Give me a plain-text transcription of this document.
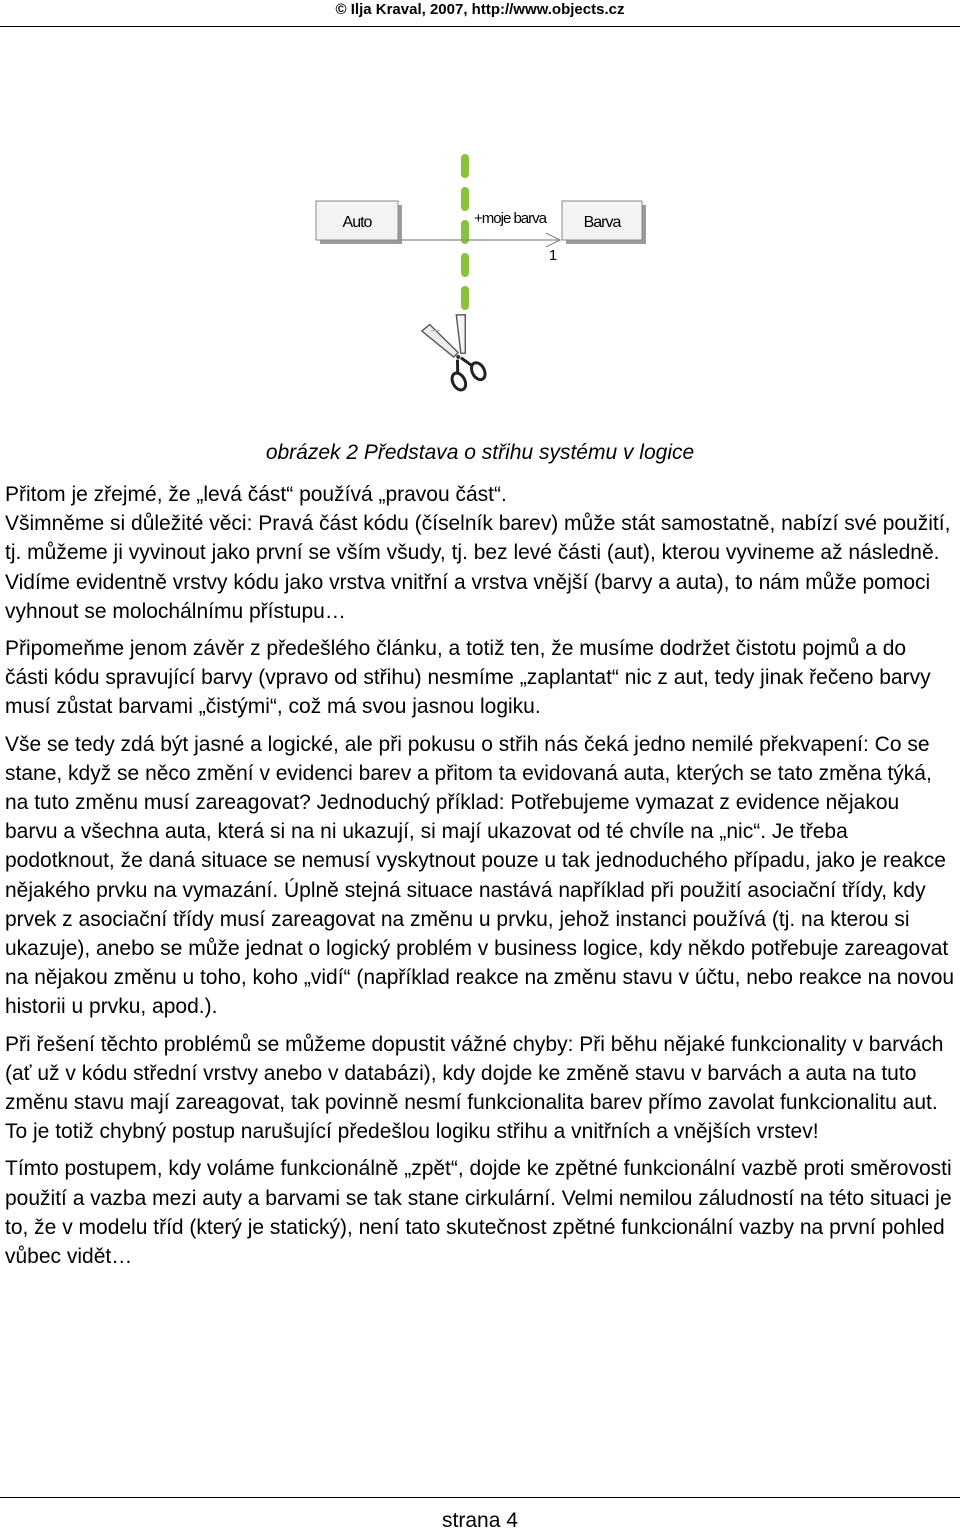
© Ilja Kraval, 2007, http://www.objects.cz
Auto	Barva
+moje barva
1
obrázek 2 Představa o střihu systému v logice

Přitom je zřejmé, že „levá část“ používá „pravou část“.

Všimněme si důležité věci: Pravá část kódu (číselník barev) může stát samostatně, nabízí své použití, tj. můžeme ji vyvinout jako první se vším všudy, tj. bez levé části (aut), kterou vyvineme až následně. Vidíme evidentně vrstvy kódu jako vrstva vnitřní a vrstva vnější (barvy a auta), to nám může pomoci vyhnout se molochálnímu přístupu…

Připomeňme jenom závěr z předešlého článku, a totiž ten, že musíme dodržet čistotu pojmů a do části kódu spravující barvy (vpravo od střihu) nesmíme „zaplantat“ nic z aut, tedy jinak řečeno barvy musí zůstat barvami „čistými“, což má svou jasnou logiku.

Vše se tedy zdá být jasné a logické, ale při pokusu o střih nás čeká jedno nemilé překvapení: Co se stane, když se něco změní v evidenci barev a přitom ta evidovaná auta, kterých se tato změna týká, na tuto změnu musí zareagovat? Jednoduchý příklad: Potřebujeme vymazat z evidence nějakou barvu a všechna auta, která si na ni ukazují, si mají ukazovat od té chvíle na „nic“. Je třeba podotknout, že daná situace se nemusí vyskytnout pouze u tak jednoduchého případu, jako je reakce nějakého prvku na vymazání. Úplně stejná situace nastává například při použití asociační třídy, kdy prvek z asociační třídy musí zareagovat na změnu u prvku, jehož instanci používá (tj. na kterou si ukazuje), anebo se může jednat o logický problém v business logice, kdy někdo potřebuje zareagovat na nějakou změnu u toho, koho „vidí“ (například reakce na změnu stavu v účtu, nebo reakce na novou historii u prvku, apod.).

Při řešení těchto problémů se můžeme dopustit vážné chyby: Při běhu nějaké funkcionality v barvách (ať už v kódu střední vrstvy anebo v databázi), kdy dojde ke změně stavu v barvách a auta na tuto změnu stavu mají zareagovat, tak povinně nesmí funkcionalita barev přímo zavolat funkcionalitu aut. To je totiž chybný postup narušující předešlou logiku střihu a vnitřních a vnějších vrstev!

Tímto postupem, kdy voláme funkcionálně „zpět“, dojde ke zpětné funkcionální vazbě proti směrovosti použití a vazba mezi auty a barvami se tak stane cirkulární. Velmi nemilou záludností na této situaci je to, že v modelu tříd (který je statický), není tato skutečnost zpětné funkcionální vazby na první pohled vůbec vidět…

strana 4
